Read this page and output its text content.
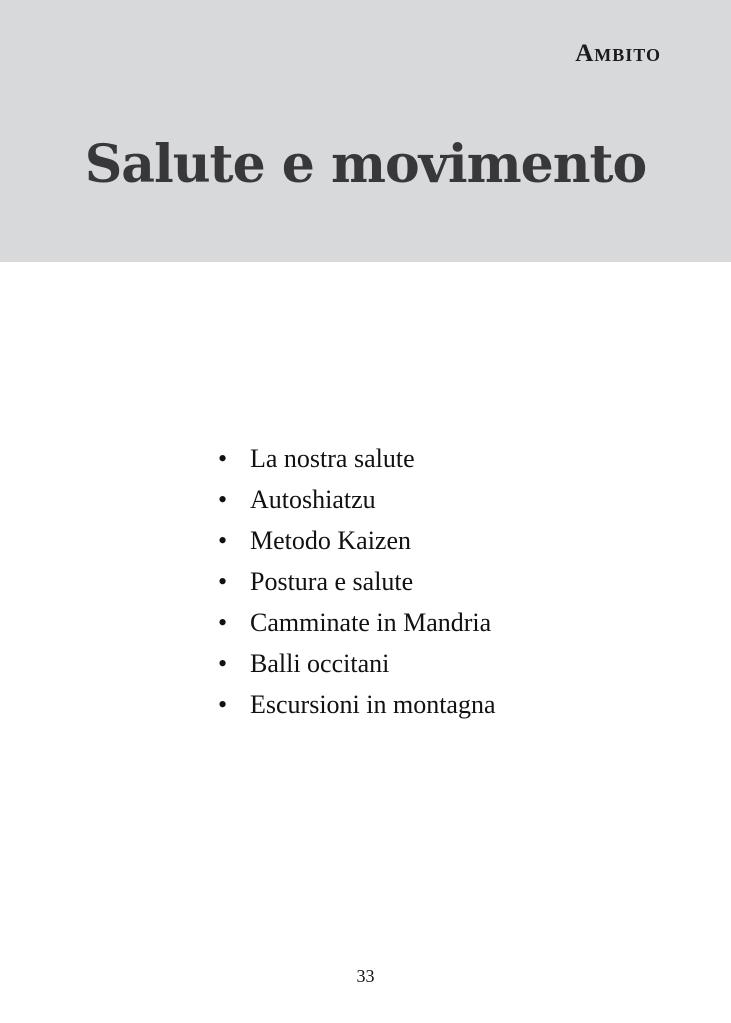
Ambito
Salute e movimento
• La nostra salute
• Autoshiatzu
• Metodo Kaizen
• Postura e salute
• Camminate in Mandria
• Balli occitani
• Escursioni in montagna
33
